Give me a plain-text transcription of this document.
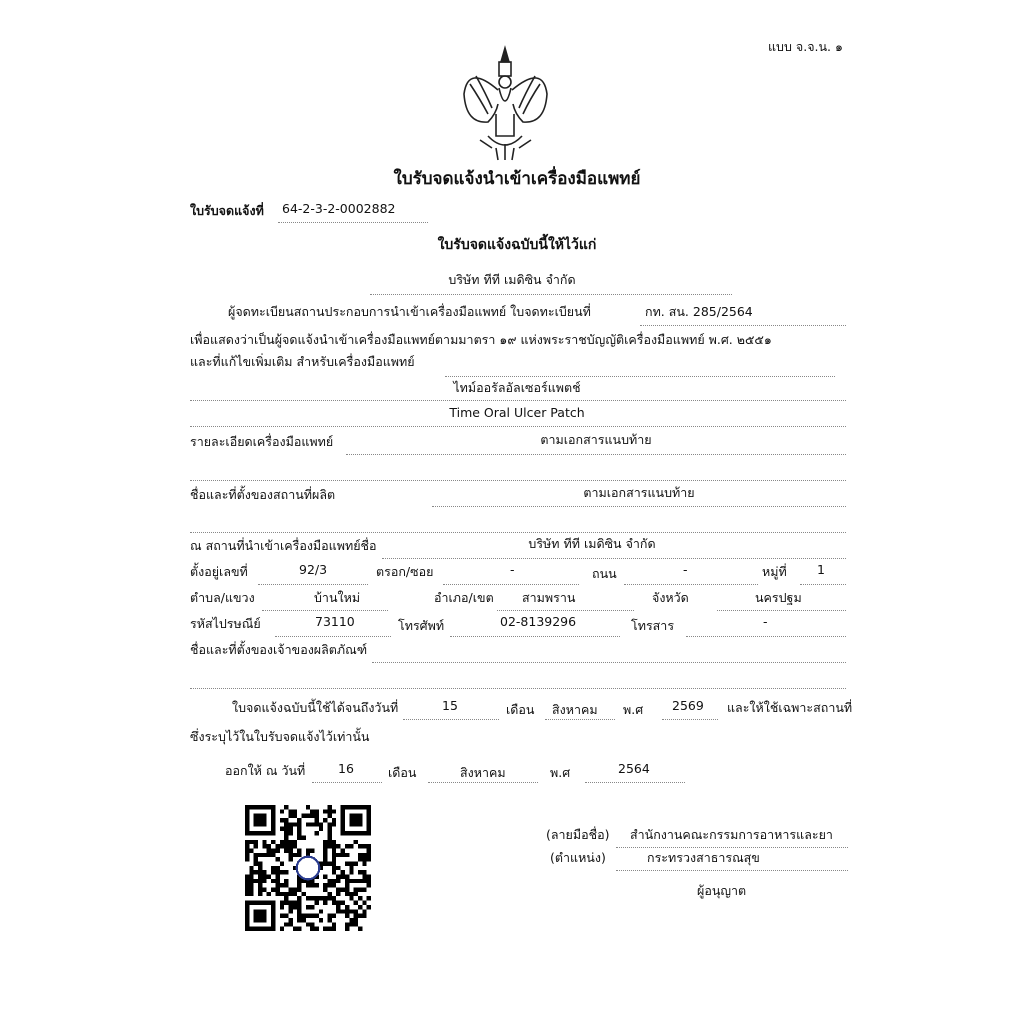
แบบ จ.จ.น. ๑
ใบรับจดแจ้งนำเข้าเครื่องมือแพทย์
ใบรับจดแจ้งที่ 64-2-3-2-0002882
ใบรับจดแจ้งฉบับนี้ให้ไว้แก่
บริษัท ทีที เมดิซิน จำกัด
ผู้จดทะเบียนสถานประกอบการนำเข้าเครื่องมือแพทย์ ใบจดทะเบียนที่	กท. สน. 285/2564
เพื่อแสดงว่าเป็นผู้จดแจ้งนำเข้าเครื่องมือแพทย์ตามมาตรา ๑๙ แห่งพระราชบัญญัติเครื่องมือแพทย์ พ.ศ. ๒๕๕๑
และที่แก้ไขเพิ่มเติม สำหรับเครื่องมือแพทย์
ไทม์ออรัลอัลเซอร์แพตช์
Time Oral Ulcer Patch
รายละเอียดเครื่องมือแพทย์	ตามเอกสารแนบท้าย
ชื่อและที่ตั้งของสถานที่ผลิต	ตามเอกสารแนบท้าย
ณ สถานที่นำเข้าเครื่องมือแพทย์ชื่อ	บริษัท ทีที เมดิซิน จำกัด
ตั้งอยู่เลขที่	92/3	ตรอก/ซอย	-	ถนน	-	หมู่ที่ 1
ตำบล/แขวง	บ้านใหม่	อำเภอ/เขต สามพราน	จังหวัด	นครปฐม
รหัสไปรษณีย์	73110	โทรศัพท์	02-8139296	โทรสาร	-
ชื่อและที่ตั้งของเจ้าของผลิตภัณฑ์
ใบจดแจ้งฉบับนี้ใช้ได้จนถึงวันที่	15	เดือน สิงหาคม พ.ศ 2569 และให้ใช้เฉพาะสถานที่
ซึ่งระบุไว้ในใบรับจดแจ้งไว้เท่านั้น
ออกให้ ณ วันที่	16	เดือน	สิงหาคม	พ.ศ	2564
(ลายมือชื่อ) สำนักงานคณะกรรมการอาหารและยา
(ตำแหน่ง)	กระทรวงสาธารณสุข
ผู้อนุญาต
